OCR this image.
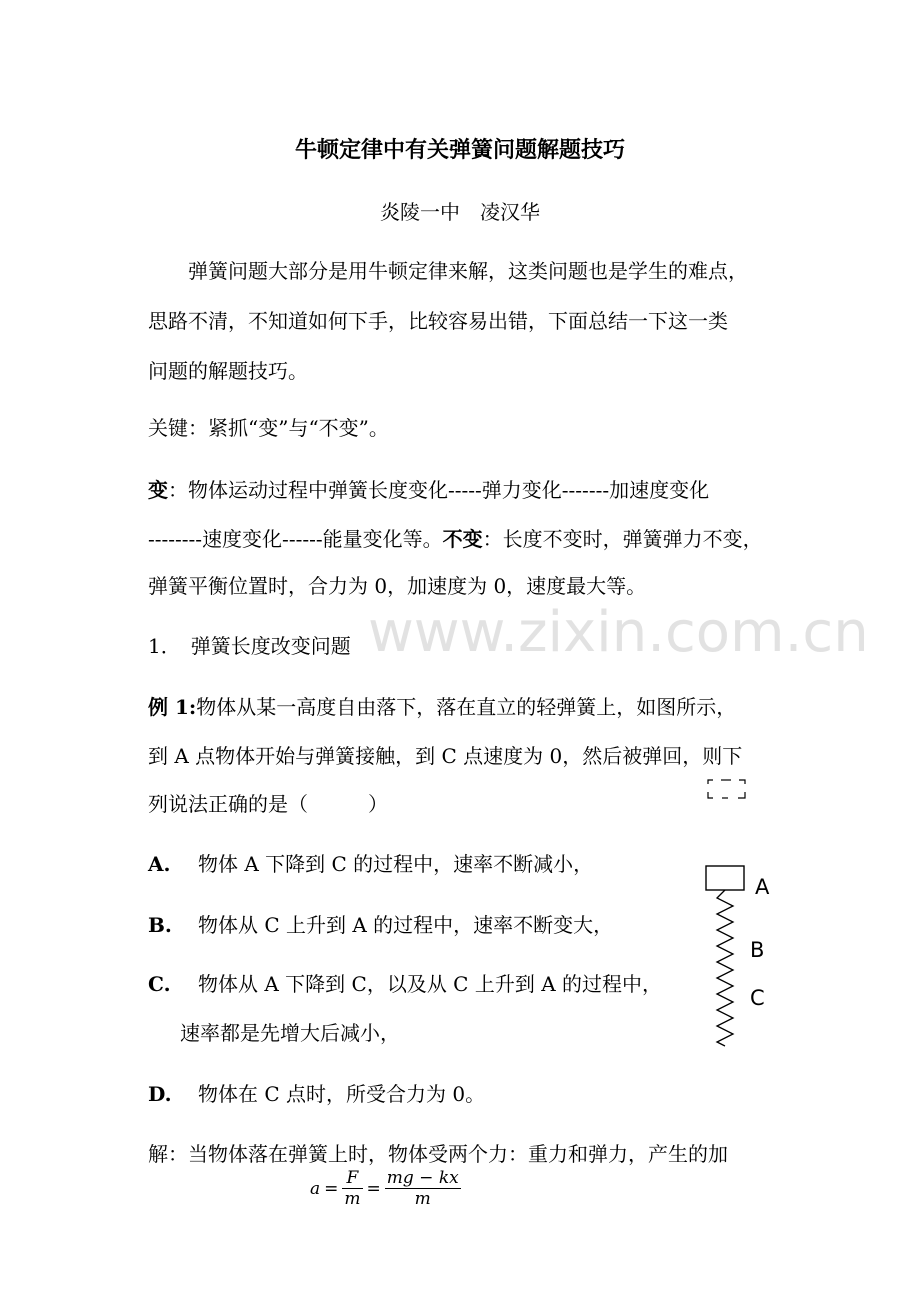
牛顿定律中有关弹簧问题解题技巧
炎陵一中　凌汉华
　　弹簧问题大部分是用牛顿定律来解，这类问题也是学生的难点，
思路不清，不知道如何下手，比较容易出错，下面总结一下这一类
问题的解题技巧。
关键：紧抓“变”与“不变”。
变：物体运动过程中弹簧长度变化-----弹力变化-------加速度变化
--------速度变化------能量变化等。不变：长度不变时，弹簧弹力不变，
弹簧平衡位置时，合力为 0，加速度为 0，速度最大等。
www.zixin.com.cn
1．　弹簧长度改变问题
例 1:物体从某一高度自由落下，落在直立的轻弹簧上，如图所示，
到 A 点物体开始与弹簧接触，到 C 点速度为 0，然后被弹回，则下
列说法正确的是（　　　）
A. 物体 A 下降到 C 的过程中，速率不断减小，
B. 物体从 C 上升到 A 的过程中，速率不断变大，
C. 物体从 A 下降到 C，以及从 C 上升到 A 的过程中，
速率都是先增大后减小，
D. 物体在 C 点时，所受合力为 0。
解：当物体落在弹簧上时，物体受两个力：重力和弹力，产生的加
$a = \frac{F}{m} = \frac{mg - kx}{m}$
A
B
C
